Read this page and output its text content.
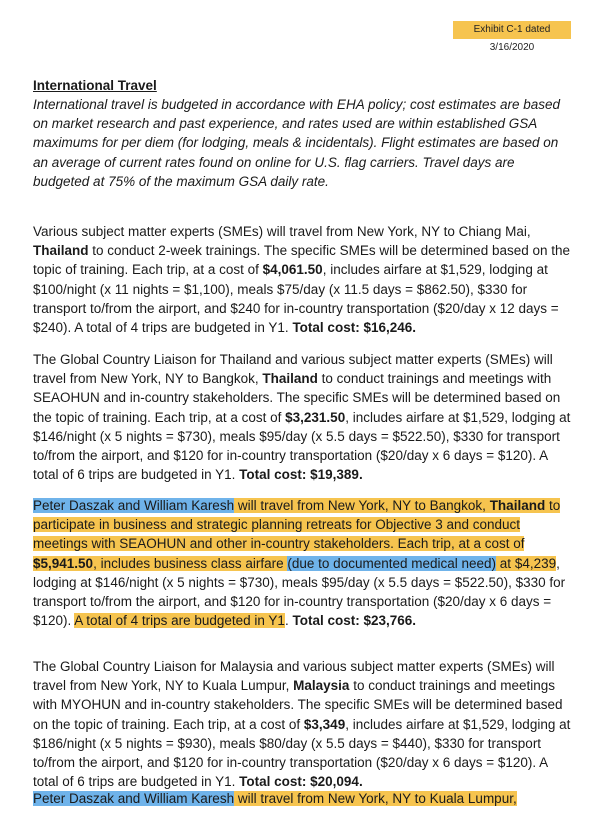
Exhibit C-1 dated 3/16/2020
International Travel
International travel is budgeted in accordance with EHA policy; cost estimates are based on market research and past experience, and rates used are within established GSA maximums for per diem (for lodging, meals & incidentals). Flight estimates are based on an average of current rates found on online for U.S. flag carriers. Travel days are budgeted at 75% of the maximum GSA daily rate.
Various subject matter experts (SMEs) will travel from New York, NY to Chiang Mai, Thailand to conduct 2-week trainings. The specific SMEs will be determined based on the topic of training. Each trip, at a cost of $4,061.50, includes airfare at $1,529, lodging at $100/night (x 11 nights = $1,100), meals $75/day (x 11.5 days = $862.50), $330 for transport to/from the airport, and $240 for in-country transportation ($20/day x 12 days = $240). A total of 4 trips are budgeted in Y1. Total cost: $16,246.
The Global Country Liaison for Thailand and various subject matter experts (SMEs) will travel from New York, NY to Bangkok, Thailand to conduct trainings and meetings with SEAOHUN and in-country stakeholders. The specific SMEs will be determined based on the topic of training. Each trip, at a cost of $3,231.50, includes airfare at $1,529, lodging at $146/night (x 5 nights = $730), meals $95/day (x 5.5 days = $522.50), $330 for transport to/from the airport, and $120 for in-country transportation ($20/day x 6 days = $120). A total of 6 trips are budgeted in Y1. Total cost: $19,389.
Peter Daszak and William Karesh will travel from New York, NY to Bangkok, Thailand to participate in business and strategic planning retreats for Objective 3 and conduct meetings with SEAOHUN and other in-country stakeholders. Each trip, at a cost of $5,941.50, includes business class airfare (due to documented medical need) at $4,239, lodging at $146/night (x 5 nights = $730), meals $95/day (x 5.5 days = $522.50), $330 for transport to/from the airport, and $120 for in-country transportation ($20/day x 6 days = $120). A total of 4 trips are budgeted in Y1. Total cost: $23,766.
The Global Country Liaison for Malaysia and various subject matter experts (SMEs) will travel from New York, NY to Kuala Lumpur, Malaysia to conduct trainings and meetings with MYOHUN and in-country stakeholders. The specific SMEs will be determined based on the topic of training. Each trip, at a cost of $3,349, includes airfare at $1,529, lodging at $186/night (x 5 nights = $930), meals $80/day (x 5.5 days = $440), $330 for transport to/from the airport, and $120 for in-country transportation ($20/day x 6 days = $120). A total of 6 trips are budgeted in Y1. Total cost: $20,094.
Peter Daszak and William Karesh will travel from New York, NY to Kuala Lumpur,
